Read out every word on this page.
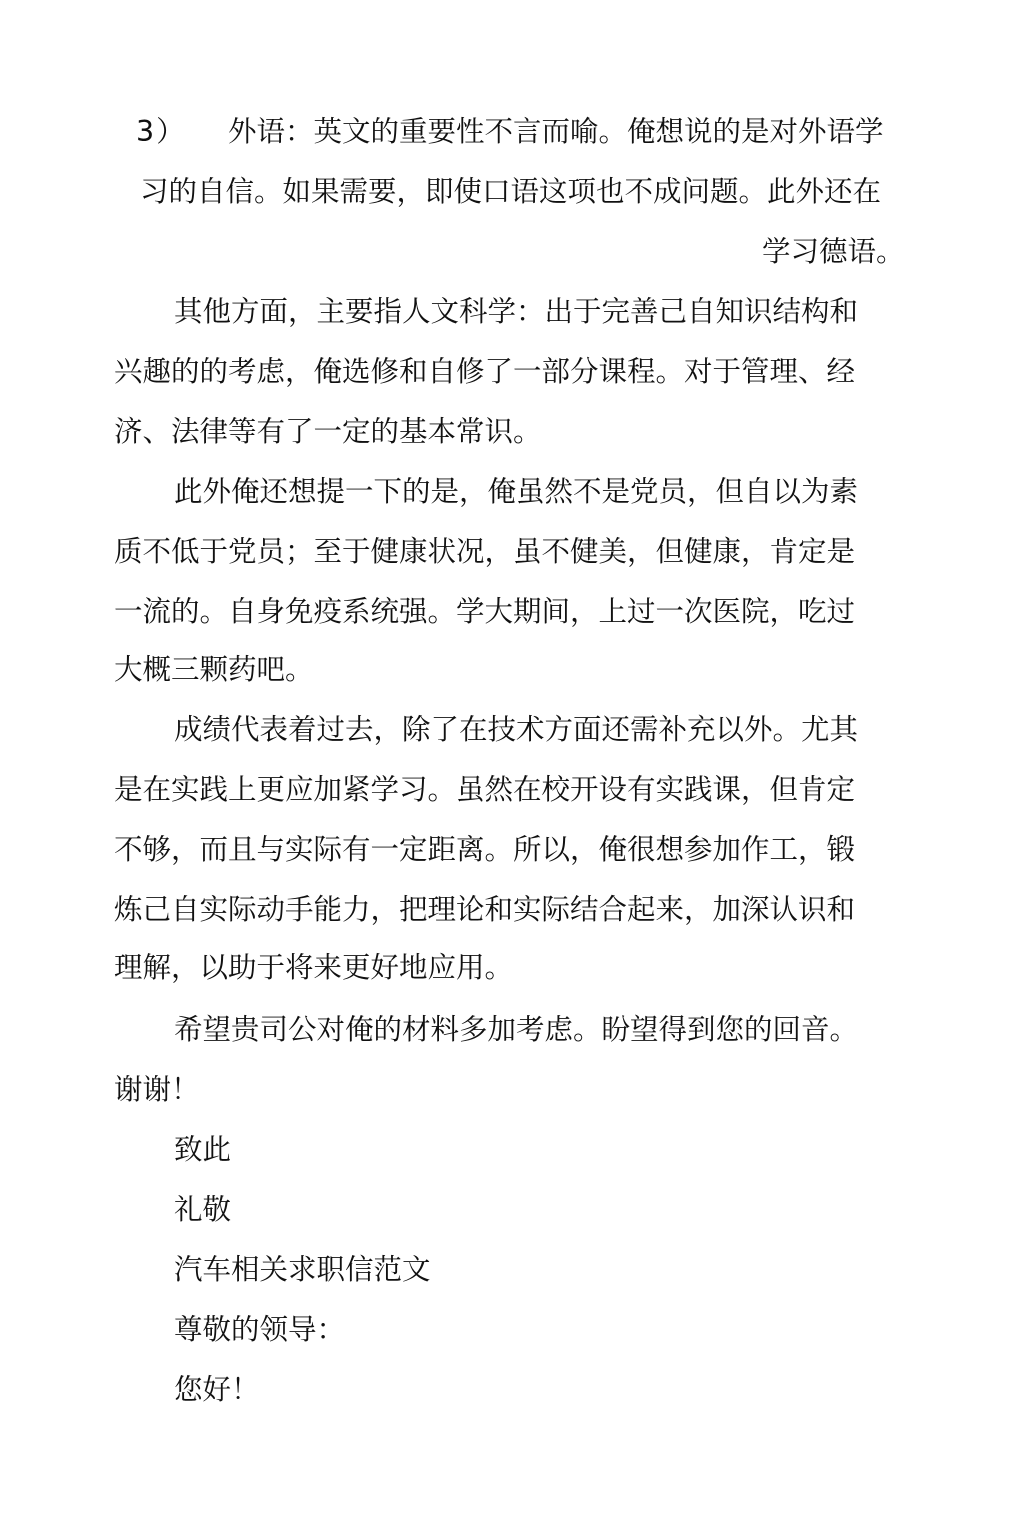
3） 外语：英文的重要性不言而喻。俺想说的是对外语学
习的自信。如果需要，即使口语这项也不成问题。此外还在
学习德语。
其他方面，主要指人文科学：出于完善己自知识结构和
兴趣的的考虑，俺选修和自修了一部分课程。对于管理、经
济、法律等有了一定的基本常识。
此外俺还想提一下的是，俺虽然不是党员，但自以为素
质不低于党员；至于健康状况，虽不健美，但健康，肯定是
一流的。自身免疫系统强。学大期间，上过一次医院，吃过
大概三颗药吧。
成绩代表着过去，除了在技术方面还需补充以外。尤其
是在实践上更应加紧学习。虽然在校开设有实践课，但肯定
不够，而且与实际有一定距离。所以，俺很想参加作工，锻
炼己自实际动手能力，把理论和实际结合起来，加深认识和
理解，以助于将来更好地应用。
希望贵司公对俺的材料多加考虑。盼望得到您的回音。
谢谢！
致此
礼敬
汽车相关求职信范文
尊敬的领导：
您好！
